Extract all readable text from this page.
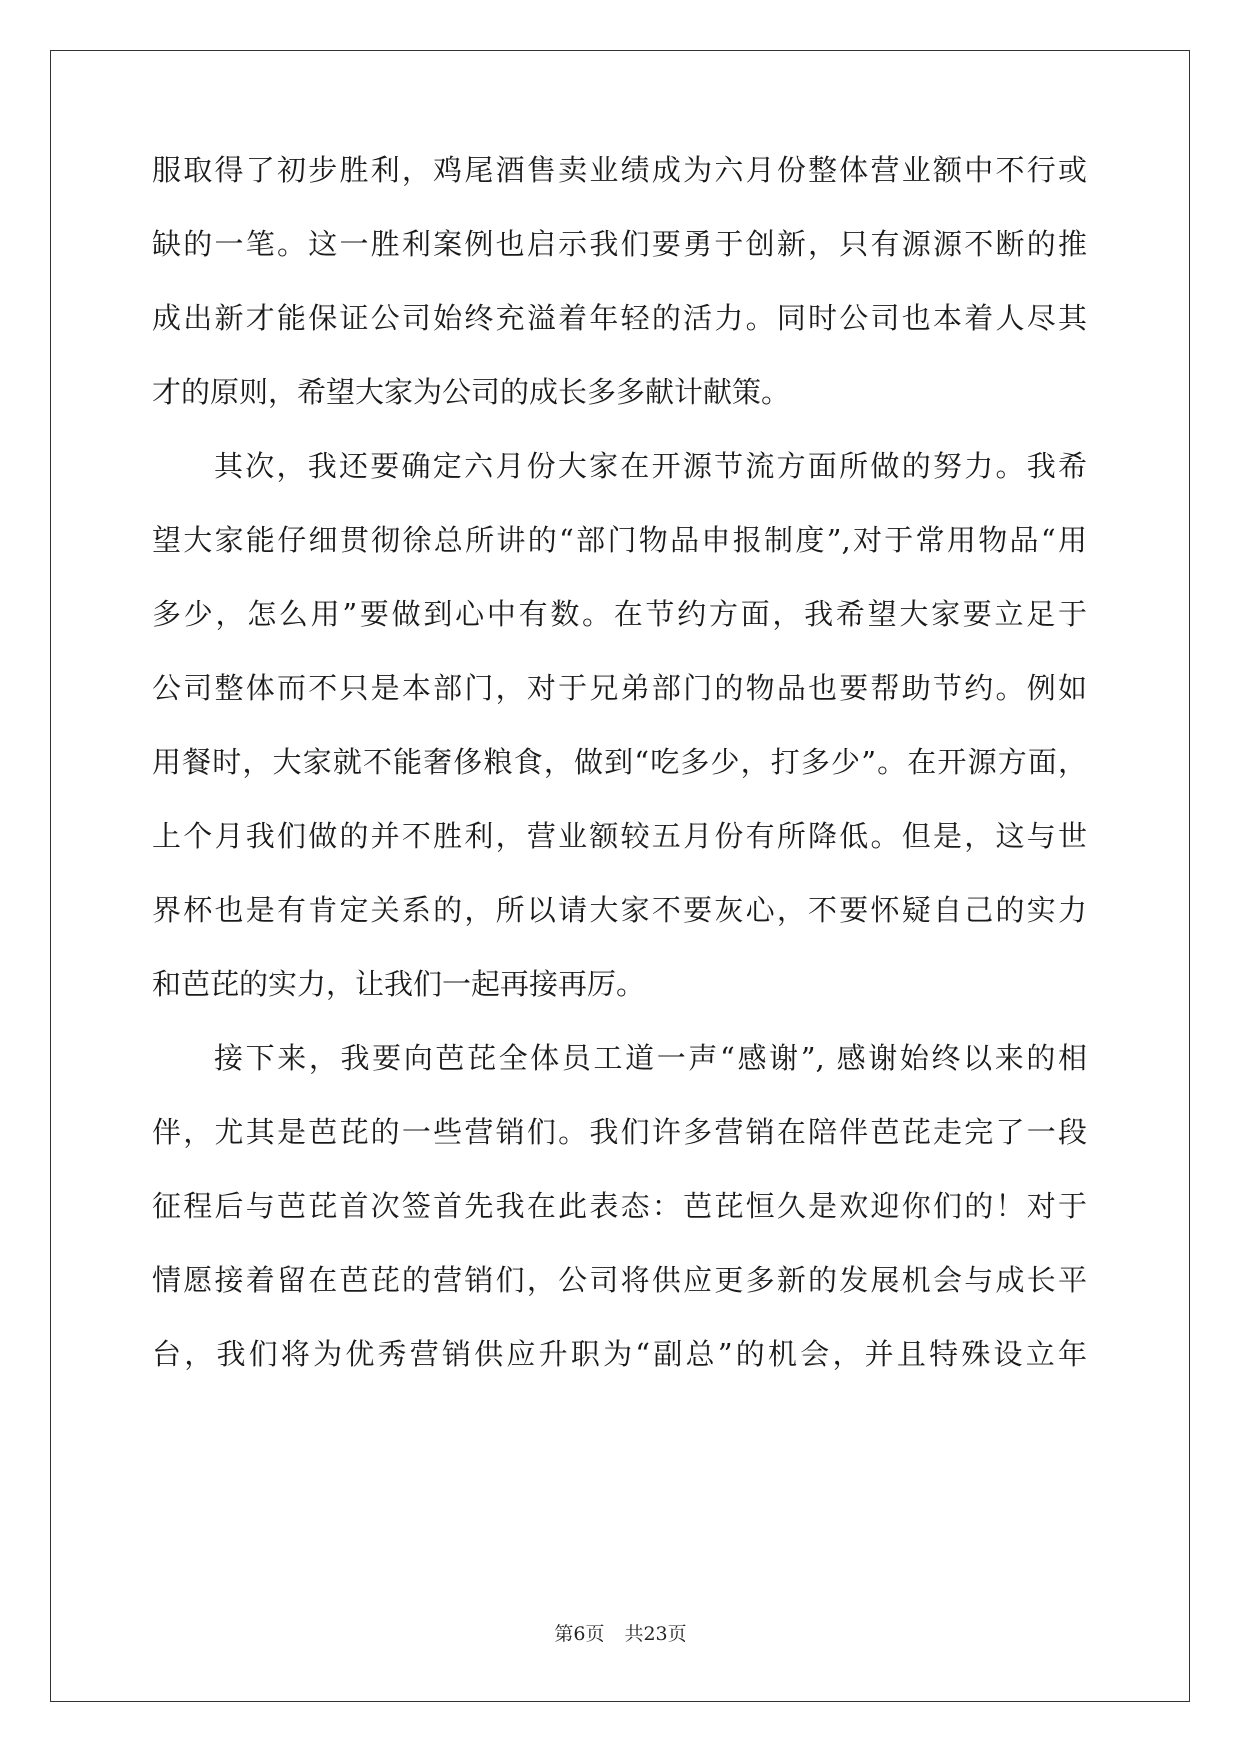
服取得了初步胜利，鸡尾酒售卖业绩成为六月份整体营业额中不行或
缺的一笔。这一胜利案例也启示我们要勇于创新，只有源源不断的推
成出新才能保证公司始终充溢着年轻的活力。同时公司也本着人尽其
才的原则，希望大家为公司的成长多多献计献策。
其次，我还要确定六月份大家在开源节流方面所做的努力。我希
望大家能仔细贯彻徐总所讲的“部门物品申报制度”,对于常用物品“用
多少，怎么用”要做到心中有数。在节约方面，我希望大家要立足于
公司整体而不只是本部门，对于兄弟部门的物品也要帮助节约。例如
用餐时，大家就不能奢侈粮食，做到“吃多少，打多少”。在开源方面，
上个月我们做的并不胜利，营业额较五月份有所降低。但是，这与世
界杯也是有肯定关系的，所以请大家不要灰心，不要怀疑自己的实力
和芭芘的实力，让我们一起再接再厉。
接下来，我要向芭芘全体员工道一声“感谢”, 感谢始终以来的相
伴，尤其是芭芘的一些营销们。我们许多营销在陪伴芭芘走完了一段
征程后与芭芘首次签首先我在此表态：芭芘恒久是欢迎你们的！对于
情愿接着留在芭芘的营销们，公司将供应更多新的发展机会与成长平
台，我们将为优秀营销供应升职为“副总”的机会，并且特殊设立年
第6页 共23页
